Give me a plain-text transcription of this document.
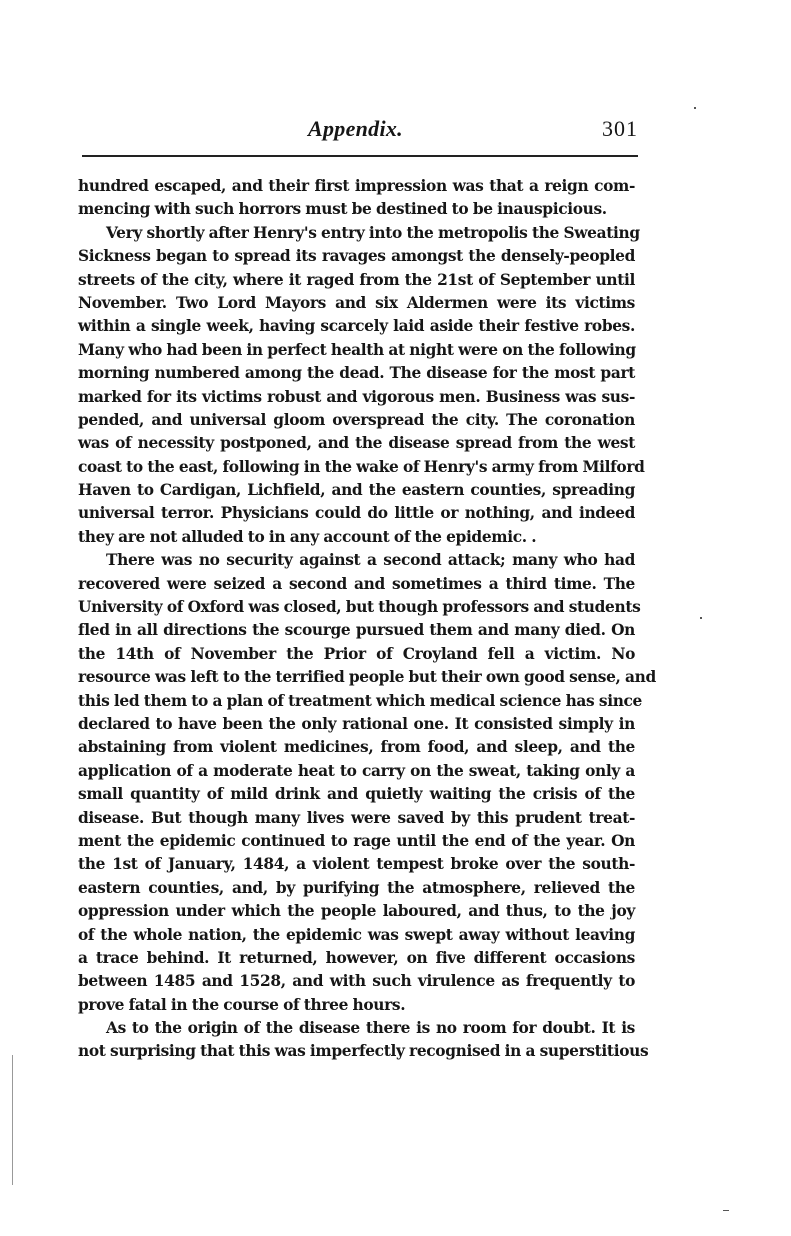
Appendix.	301
hundred escaped, and their first impression was that a reign com-
mencing with such horrors must be destined to be inauspicious.
Very shortly after Henry's entry into the metropolis the Sweating
Sickness began to spread its ravages amongst the densely-peopled
streets of the city, where it raged from the 21st of September until
November. Two Lord Mayors and six Aldermen were its victims
within a single week, having scarcely laid aside their festive robes.
Many who had been in perfect health at night were on the following
morning numbered among the dead. The disease for the most part
marked for its victims robust and vigorous men. Business was sus-
pended, and universal gloom overspread the city. The coronation
was of necessity postponed, and the disease spread from the west
coast to the east, following in the wake of Henry's army from Milford
Haven to Cardigan, Lichfield, and the eastern counties, spreading
universal terror. Physicians could do little or nothing, and indeed
they are not alluded to in any account of the epidemic. .
There was no security against a second attack; many who had
recovered were seized a second and sometimes a third time. The
University of Oxford was closed, but though professors and students
fled in all directions the scourge pursued them and many died. On
the 14th of November the Prior of Croyland fell a victim. No
resource was left to the terrified people but their own good sense, and
this led them to a plan of treatment which medical science has since
declared to have been the only rational one. It consisted simply in
abstaining from violent medicines, from food, and sleep, and the
application of a moderate heat to carry on the sweat, taking only a
small quantity of mild drink and quietly waiting the crisis of the
disease. But though many lives were saved by this prudent treat-
ment the epidemic continued to rage until the end of the year. On
the 1st of January, 1484, a violent tempest broke over the south-
eastern counties, and, by purifying the atmosphere, relieved the
oppression under which the people laboured, and thus, to the joy
of the whole nation, the epidemic was swept away without leaving
a trace behind. It returned, however, on five different occasions
between 1485 and 1528, and with such virulence as frequently to
prove fatal in the course of three hours.
As to the origin of the disease there is no room for doubt. It is
not surprising that this was imperfectly recognised in a superstitious
